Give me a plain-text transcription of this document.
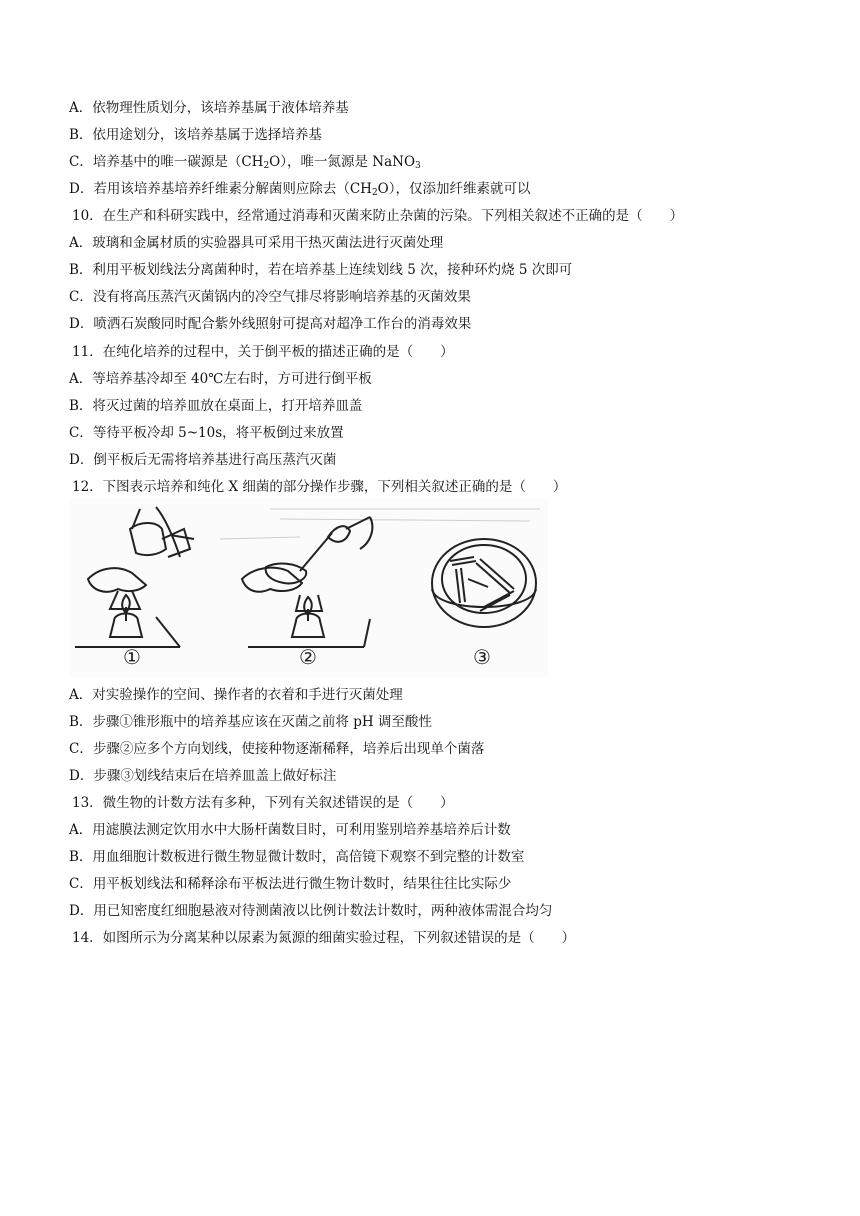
A．依物理性质划分，该培养基属于液体培养基
B．依用途划分，该培养基属于选择培养基
C．培养基中的唯一碳源是$(CH_2O)$，唯一氮源是 NaNO$_3$
D．若用该培养基培养纤维素分解菌则应除去$(CH_2O)$，仅添加纤维素就可以
10．在生产和科研实践中，经常通过消毒和灭菌来防止杂菌的污染。下列相关叙述不正确的是（　　）
A．玻璃和金属材质的实验器具可采用干热灭菌法进行灭菌处理
B．利用平板划线法分离菌种时，若在培养基上连续划线 5 次，接种环灼烧 5 次即可
C．没有将高压蒸汽灭菌锅内的冷空气排尽将影响培养基的灭菌效果
D．喷洒石炭酸同时配合紫外线照射可提高对超净工作台的消毒效果
11．在纯化培养的过程中，关于倒平板的描述正确的是（　　）
A．等培养基冷却至 40℃左右时，方可进行倒平板
B．将灭过菌的培养皿放在桌面上，打开培养皿盖
C．等待平板冷却 5~10s，将平板倒过来放置
D．倒平板后无需将培养基进行高压蒸汽灭菌
12．下图表示培养和纯化 X 细菌的部分操作步骤，下列相关叙述正确的是（　　）
①	②	③
A．对实验操作的空间、操作者的衣着和手进行灭菌处理
B．步骤①锥形瓶中的培养基应该在灭菌之前将 pH 调至酸性
C．步骤②应多个方向划线，使接种物逐渐稀释，培养后出现单个菌落
D．步骤③划线结束后在培养皿盖上做好标注
13．微生物的计数方法有多种，下列有关叙述错误的是（　　）
A．用滤膜法测定饮用水中大肠杆菌数目时，可利用鉴别培养基培养后计数
B．用血细胞计数板进行微生物显微计数时，高倍镜下观察不到完整的计数室
C．用平板划线法和稀释涂布平板法进行微生物计数时，结果往往比实际少
D．用已知密度红细胞悬液对待测菌液以比例计数法计数时，两种液体需混合均匀
14．如图所示为分离某种以尿素为氮源的细菌实验过程，下列叙述错误的是（　　）
